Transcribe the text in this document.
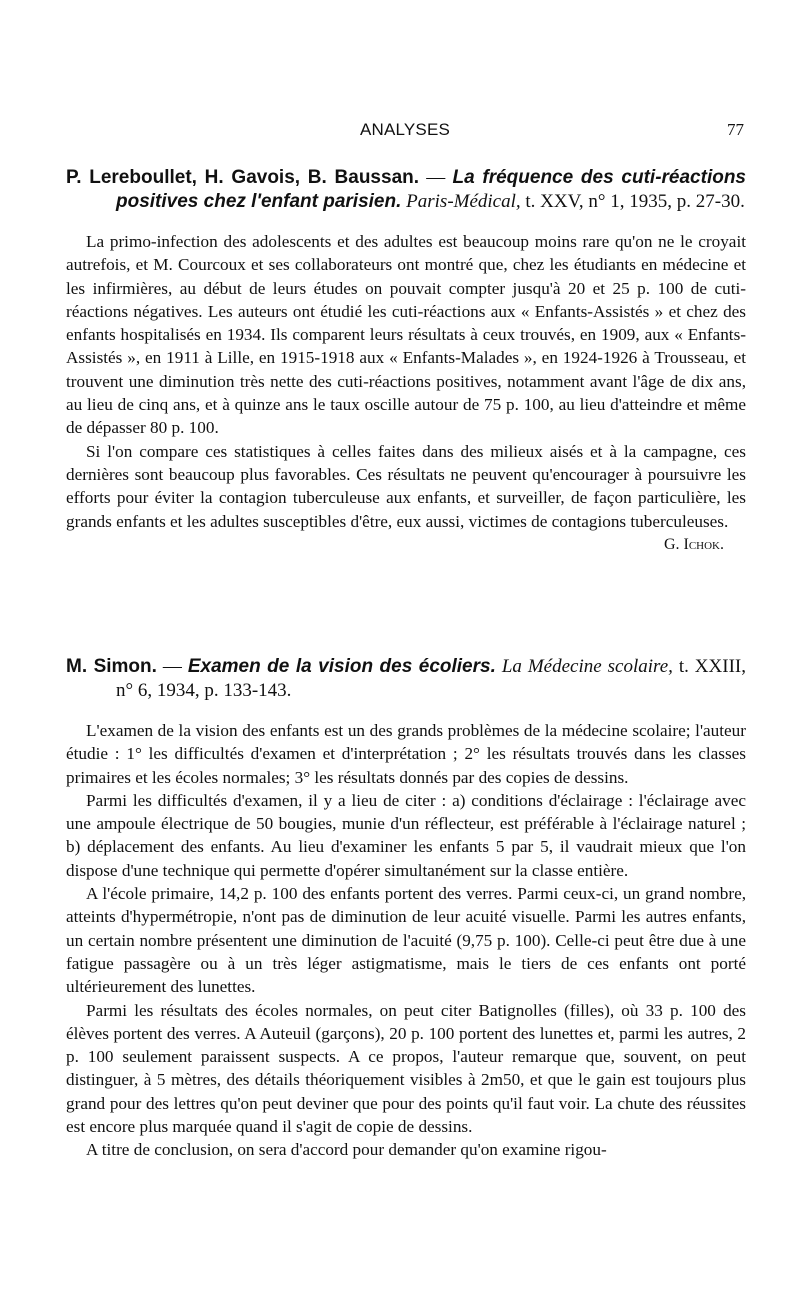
ANALYSES	77

P. Lereboullet, H. Gavois, B. Baussan. — La fréquence des cuti-réactions positives chez l'enfant parisien. Paris-Médical, t. XXV, n° 1, 1935, p. 27-30.

La primo-infection des adolescents et des adultes est beaucoup moins rare qu'on ne le croyait autrefois, et M. Courcoux et ses collaborateurs ont montré que, chez les étudiants en médecine et les infirmières, au début de leurs études on pouvait compter jusqu'à 20 et 25 p. 100 de cuti-réactions négatives. Les auteurs ont étudié les cuti-réactions aux « Enfants-Assistés » et chez des enfants hospitalisés en 1934. Ils comparent leurs résultats à ceux trouvés, en 1909, aux « Enfants-Assistés », en 1911 à Lille, en 1915-1918 aux « Enfants-Malades », en 1924-1926 à Trousseau, et trouvent une diminution très nette des cuti-réactions positives, notamment avant l'âge de dix ans, au lieu de cinq ans, et à quinze ans le taux oscille autour de 75 p. 100, au lieu d'atteindre et même de dépasser 80 p. 100.

Si l'on compare ces statistiques à celles faites dans des milieux aisés et à la campagne, ces dernières sont beaucoup plus favorables. Ces résultats ne peuvent qu'encourager à poursuivre les efforts pour éviter la contagion tuberculeuse aux enfants, et surveiller, de façon particulière, les grands enfants et les adultes susceptibles d'être, eux aussi, victimes de contagions tuberculeuses.

G. Ichok.

M. Simon. — Examen de la vision des écoliers. La Médecine scolaire, t. XXIII, n° 6, 1934, p. 133-143.

L'examen de la vision des enfants est un des grands problèmes de la médecine scolaire; l'auteur étudie : 1° les difficultés d'examen et d'interprétation ; 2° les résultats trouvés dans les classes primaires et les écoles normales; 3° les résultats donnés par des copies de dessins.

Parmi les difficultés d'examen, il y a lieu de citer : a) conditions d'éclairage : l'éclairage avec une ampoule électrique de 50 bougies, munie d'un réflecteur, est préférable à l'éclairage naturel ; b) déplacement des enfants. Au lieu d'examiner les enfants 5 par 5, il vaudrait mieux que l'on dispose d'une technique qui permette d'opérer simultanément sur la classe entière.

A l'école primaire, 14,2 p. 100 des enfants portent des verres. Parmi ceux-ci, un grand nombre, atteints d'hypermétropie, n'ont pas de diminution de leur acuité visuelle. Parmi les autres enfants, un certain nombre présentent une diminution de l'acuité (9,75 p. 100). Celle-ci peut être due à une fatigue passagère ou à un très léger astigmatisme, mais le tiers de ces enfants ont porté ultérieurement des lunettes.

Parmi les résultats des écoles normales, on peut citer Batignolles (filles), où 33 p. 100 des élèves portent des verres. A Auteuil (garçons), 20 p. 100 portent des lunettes et, parmi les autres, 2 p. 100 seulement paraissent suspects. A ce propos, l'auteur remarque que, souvent, on peut distinguer, à 5 mètres, des détails théoriquement visibles à 2m50, et que le gain est toujours plus grand pour des lettres qu'on peut deviner que pour des points qu'il faut voir. La chute des réussites est encore plus marquée quand il s'agit de copie de dessins.

A titre de conclusion, on sera d'accord pour demander qu'on examine rigou-
